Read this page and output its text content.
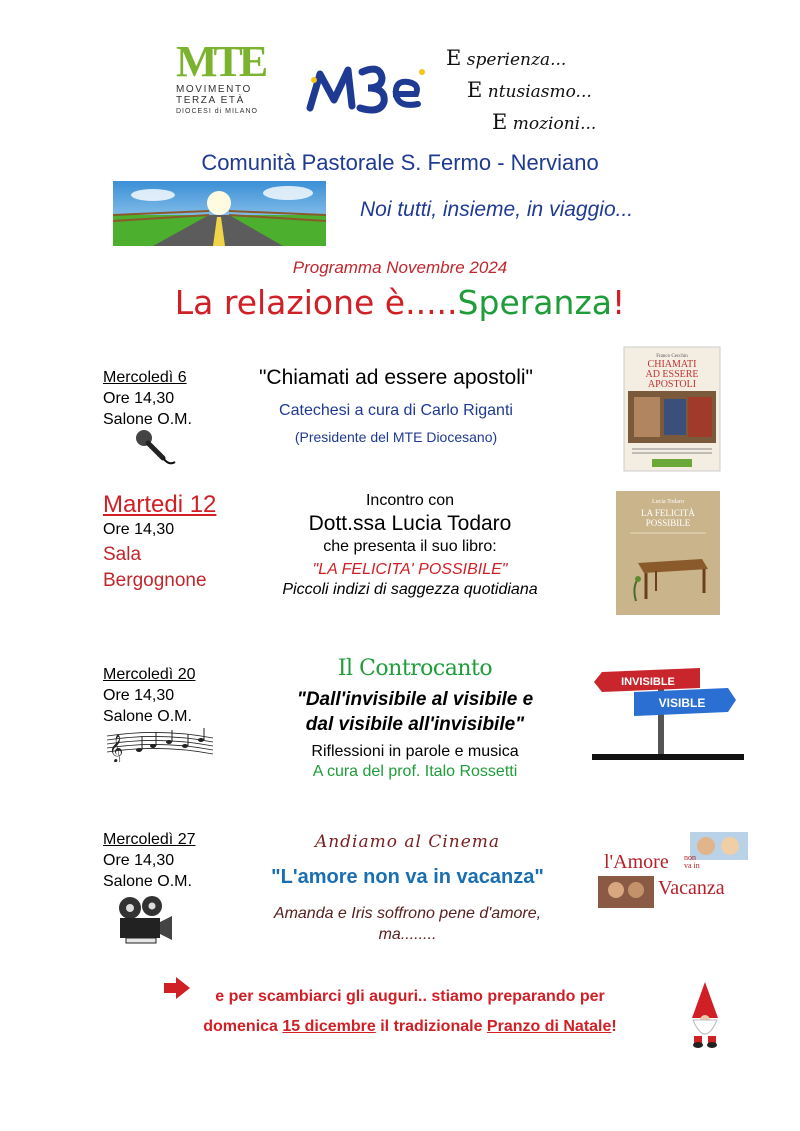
MTE
MOVIMENTO
TERZA ETÀ
DIOCESI di MILANO
E sperienza...
E ntusiasmo...
E mozioni...
Comunità Pastorale S. Fermo - Nerviano
Noi tutti, insieme, in viaggio...
Programma Novembre 2024
La relazione è.....Speranza!
Mercoledì 6
Ore 14,30
Salone O.M.
"Chiamati ad essere apostoli"
Catechesi a cura di Carlo Riganti
(Presidente del MTE Diocesano)
Franco Cecchin
CHIAMATI
AD ESSERE
APOSTOLI
Martedi 12
Ore 14,30
Sala
Bergognone
Incontro con
Dott.ssa Lucia Todaro
che presenta il suo libro:
"LA FELICITA' POSSIBILE"
Piccoli indizi di saggezza quotidiana
Lucia Todaro
LA FELICITÀ
POSSIBILE
Mercoledì 20
Ore 14,30
Salone O.M.
𝄞
Il Controcanto
"Dall'invisibile al visibile e
dal visibile all'invisibile"
Riflessioni in parole e musica
A cura del prof. Italo Rossetti
INVISIBLE
VISIBLE
Mercoledì 27
Ore 14,30
Salone O.M.
Andiamo al Cinema
"L'amore non va in vacanza"
Amanda e Iris soffrono pene d'amore,
ma........
l'Amore non
va in
Vacanza
e per scambiarci gli auguri.. stiamo preparando per
domenica 15 dicembre il tradizionale Pranzo di Natale!
